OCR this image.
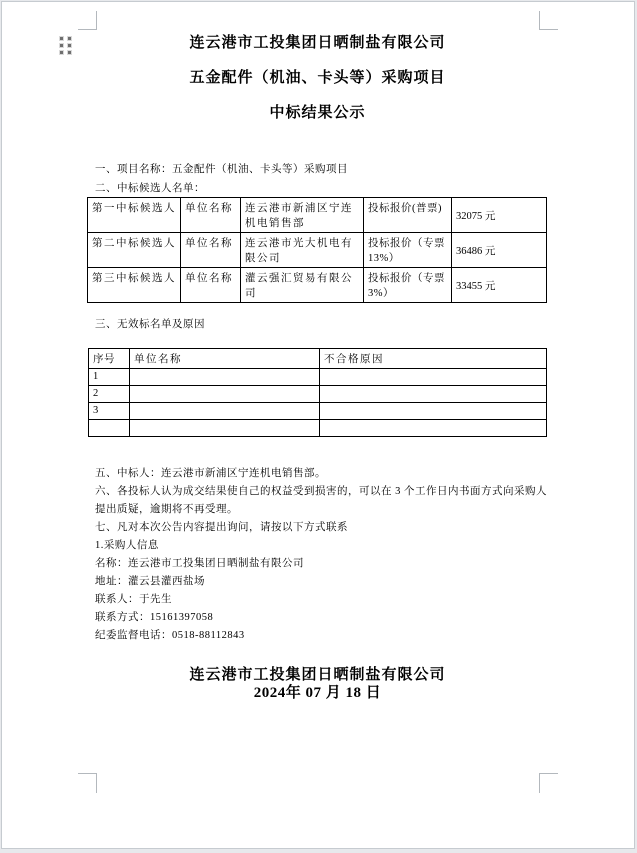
连云港市工投集团日晒制盐有限公司
五金配件（机油、卡头等）采购项目
中标结果公示
一、项目名称：五金配件（机油、卡头等）采购项目
二、中标候选人名单：
第一中标候选人	单位名称	连云港市新浦区宁连机电销售部	投标报价(普票)	32075 元
第二中标候选人	单位名称	连云港市光大机电有限公司	投标报价（专票13%）	36486 元
第三中标候选人	单位名称	灌云强汇贸易有限公司	投标报价（专票3%）	33455 元
三、无效标名单及原因
序号	单位名称	不合格原因
1		
2		
3		

五、中标人：连云港市新浦区宁连机电销售部。
六、各投标人认为成交结果使自己的权益受到损害的，可以在 3 个工作日内书面方式向采购人提出质疑，逾期将不再受理。
七、凡对本次公告内容提出询问，请按以下方式联系
1.采购人信息
名称：连云港市工投集团日晒制盐有限公司
地址：灌云县灌西盐场
联系人：于先生
联系方式：15161397058
纪委监督电话：0518-88112843
连云港市工投集团日晒制盐有限公司
2024年 07 月 18 日
